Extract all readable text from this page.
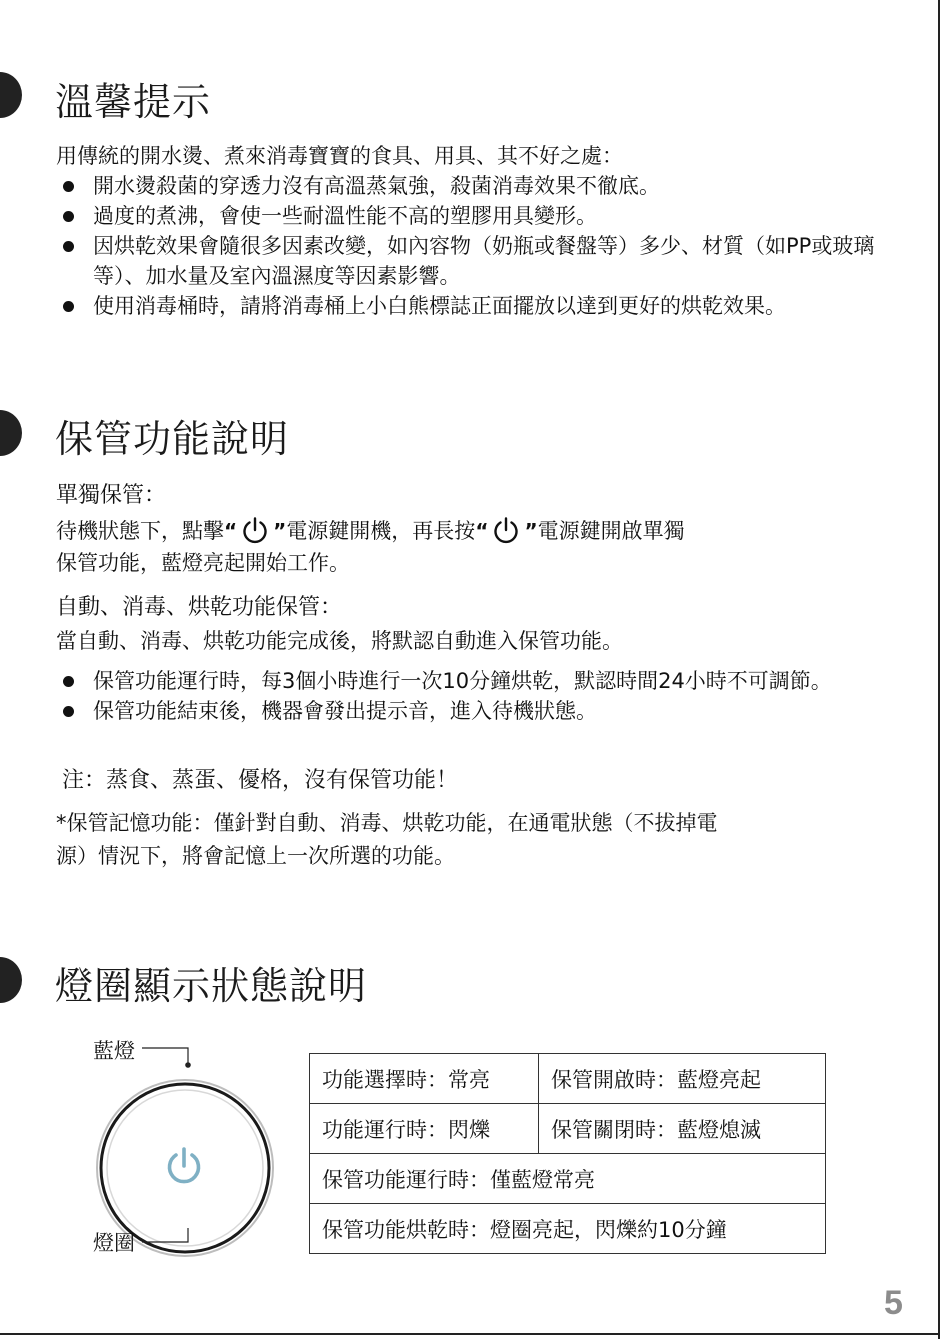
溫馨提示

用傳統的開水燙、煮來消毒寶寶的食具、用具、其不好之處：

開水燙殺菌的穿透力沒有高溫蒸氣強，殺菌消毒效果不徹底。
過度的煮沸，會使一些耐溫性能不高的塑膠用具變形。
因烘乾效果會隨很多因素改變，如內容物（奶瓶或餐盤等）多少、材質（如PP或玻璃等）、加水量及室內溫濕度等因素影響。
使用消毒桶時，請將消毒桶上小白熊標誌正面擺放以達到更好的烘乾效果。
保管功能說明

單獨保管：

待機狀態下，點擊“ ”電源鍵開機，再長按“ ”電源鍵開啟單獨

保管功能，藍燈亮起開始工作。

自動、消毒、烘乾功能保管：

當自動、消毒、烘乾功能完成後，將默認自動進入保管功能。

保管功能運行時，每3個小時進行一次10分鐘烘乾，默認時間24小時不可調節。
保管功能結束後，機器會發出提示音，進入待機狀態。

注：蒸食、蒸蛋、優格，沒有保管功能！

*保管記憶功能：僅針對自動、消毒、烘乾功能，在通電狀態（不拔掉電

源）情況下，將會記憶上一次所選的功能。

燈圈顯示狀態說明
藍燈
燈圈
功能選擇時：常亮	保管開啟時：藍燈亮起
功能運行時：閃爍	保管關閉時：藍燈熄滅
保管功能運行時：僅藍燈常亮	
保管功能烘乾時：燈圈亮起，閃爍約10分鐘	
5
